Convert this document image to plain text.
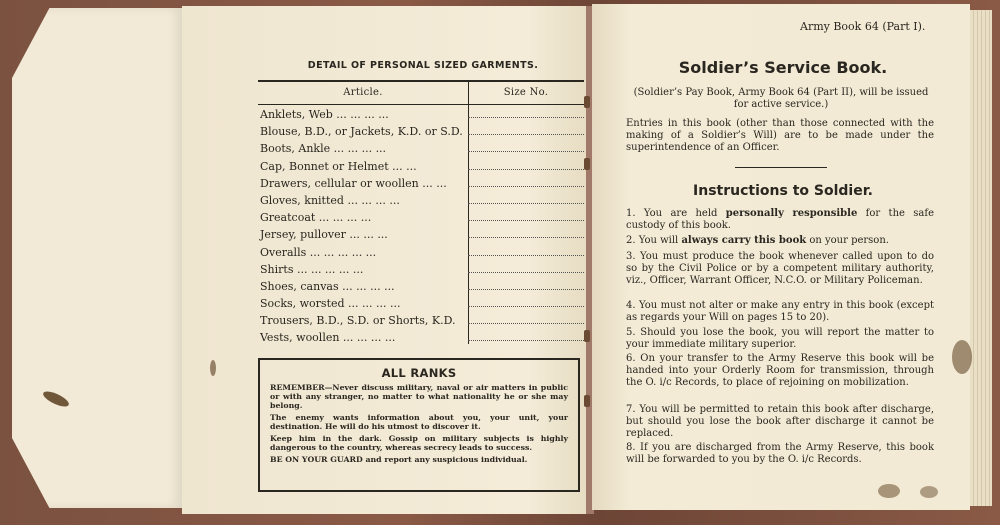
DETAIL OF PERSONAL SIZED GARMENTS.
Article.	Size No.
Anklets, Web ... ... ... ...
Blouse, B.D., or Jackets, K.D. or S.D.
Boots, Ankle ... ... ... ...
Cap, Bonnet or Helmet ... ...
Drawers, cellular or woollen ... ...
Gloves, knitted ... ... ... ...
Greatcoat ... ... ... ...
Jersey, pullover ... ... ...
Overalls ... ... ... ... ...
Shirts ... ... ... ... ...
Shoes, canvas ... ... ... ...
Socks, worsted ... ... ... ...
Trousers, B.D., S.D. or Shorts, K.D.
Vests, woollen ... ... ... ...
ALL RANKS

REMEMBER—Never discuss military, naval or air matters in public or with any stranger, no matter to what nationality he or she may belong.

The enemy wants information about you, your unit, your destination. He will do his utmost to discover it.

Keep him in the dark. Gossip on military subjects is highly dangerous to the country, whereas secrecy leads to success.

BE ON YOUR GUARD and report any suspicious individual.

Army Book 64 (Part I).
Soldier’s Service Book.
(Soldier’s Pay Book, Army Book 64 (Part II), will be issued for active service.)
Entries in this book (other than those connected with the making of a Soldier’s Will) are to be made under the superintendence of an Officer.
Instructions to Soldier.
1. You are held personally responsible for the safe custody of this book.
2. You will always carry this book on your person.
3. You must produce the book whenever called upon to do so by the Civil Police or by a competent military authority, viz., Officer, Warrant Officer, N.C.O. or Military Policeman.
4. You must not alter or make any entry in this book (except as regards your Will on pages 15 to 20).
5. Should you lose the book, you will report the matter to your immediate military superior.
6. On your transfer to the Army Reserve this book will be handed into your Orderly Room for transmission, through the O. i/c Records, to place of rejoining on mobilization.
7. You will be permitted to retain this book after discharge, but should you lose the book after discharge it cannot be replaced.
8. If you are discharged from the Army Reserve, this book will be forwarded to you by the O. i/c Records.
